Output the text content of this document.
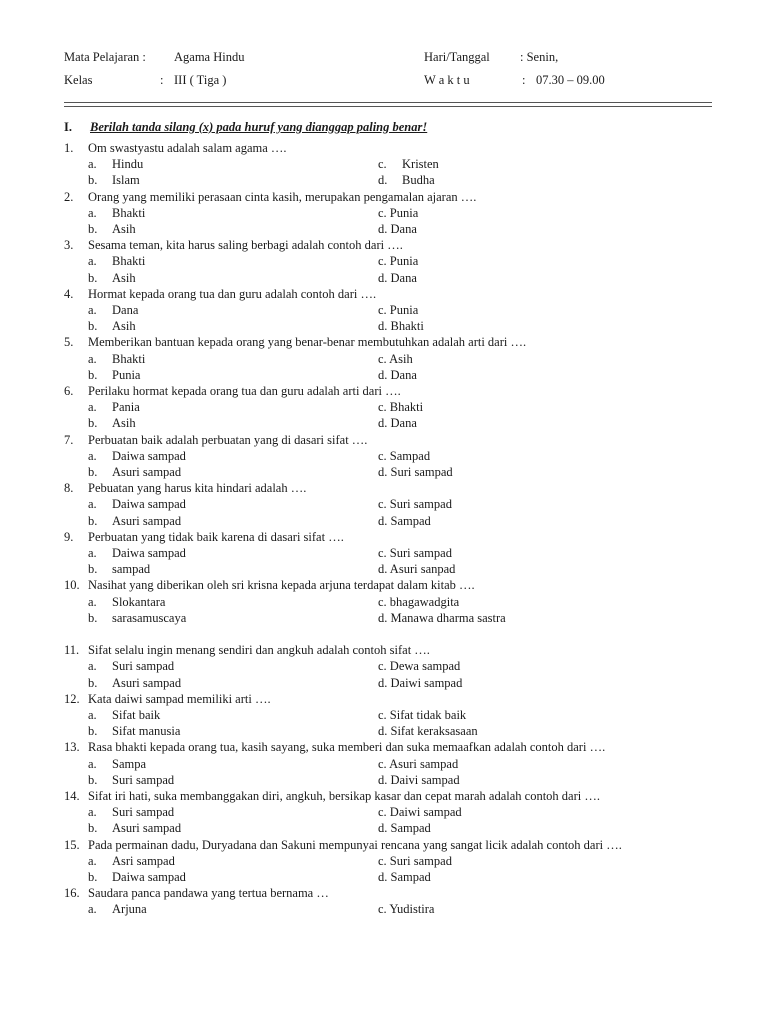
Mata Pelajaran : Agama Hindu
Kelas	: III ( Tiga )
Hari/Tanggal : Senin,
W a k t u	: 07.30 – 09.00
I. Berilah tanda silang (x) pada huruf yang dianggap paling benar!
1.	Om swastyastu adalah salam agama ….
a.	Hindu	c.	Kristen
b.	Islam	d.	Budha
2.	Orang yang memiliki perasaan cinta kasih, merupakan pengamalan ajaran ….
a.	Bhakti	c. Punia
b.	Asih	d. Dana
3.	Sesama teman, kita harus saling berbagi adalah contoh dari ….
a.	Bhakti	c. Punia
b.	Asih	d. Dana
4.	Hormat kepada orang tua dan guru adalah contoh dari ….
a.	Dana	c. Punia
b.	Asih	d. Bhakti
5.	Memberikan bantuan kepada orang yang benar-benar membutuhkan adalah arti dari ….
a.	Bhakti	c. Asih
b.	Punia	d. Dana
6.	Perilaku hormat kepada orang tua dan guru adalah arti dari ….
a.	Pania	c. Bhakti
b.	Asih	d. Dana
7.	Perbuatan baik adalah perbuatan yang di dasari sifat ….
a.	Daiwa sampad	c. Sampad
b.	Asuri sampad	d. Suri sampad
8.	Pebuatan yang harus kita hindari adalah ….
a.	Daiwa sampad	c. Suri sampad
b.	Asuri sampad	d. Sampad
9.	Perbuatan yang tidak baik karena di dasari sifat ….
a.	Daiwa sampad	c. Suri sampad
b.	sampad	d. Asuri sanpad
10. Nasihat yang diberikan oleh sri krisna kepada arjuna terdapat dalam kitab ….
a.	Slokantara	c. bhagawadgita
b.	sarasamuscaya	d. Manawa dharma sastra
11. Sifat selalu ingin menang sendiri dan angkuh adalah contoh sifat ….
a.	Suri sampad	c. Dewa sampad
b.	Asuri sampad	d. Daiwi sampad
12. Kata daiwi sampad memiliki arti ….
a.	Sifat baik	c. Sifat tidak baik
b.	Sifat manusia	d. Sifat keraksasaan
13. Rasa bhakti kepada orang tua, kasih sayang, suka memberi dan suka memaafkan adalah contoh dari ….
a.	Sampa	c. Asuri sampad
b.	Suri sampad	d. Daivi sampad
14. Sifat iri hati, suka membanggakan diri, angkuh, bersikap kasar dan cepat marah adalah contoh dari ….
a.	Suri sampad	c. Daiwi sampad
b.	Asuri sampad	d. Sampad
15. Pada permainan dadu, Duryadana dan Sakuni mempunyai rencana yang sangat licik adalah contoh dari ….
a.	Asri sampad	c. Suri sampad
b.	Daiwa sampad	d. Sampad
16. Saudara panca pandawa yang tertua bernama …
a.	Arjuna	c. Yudistira
